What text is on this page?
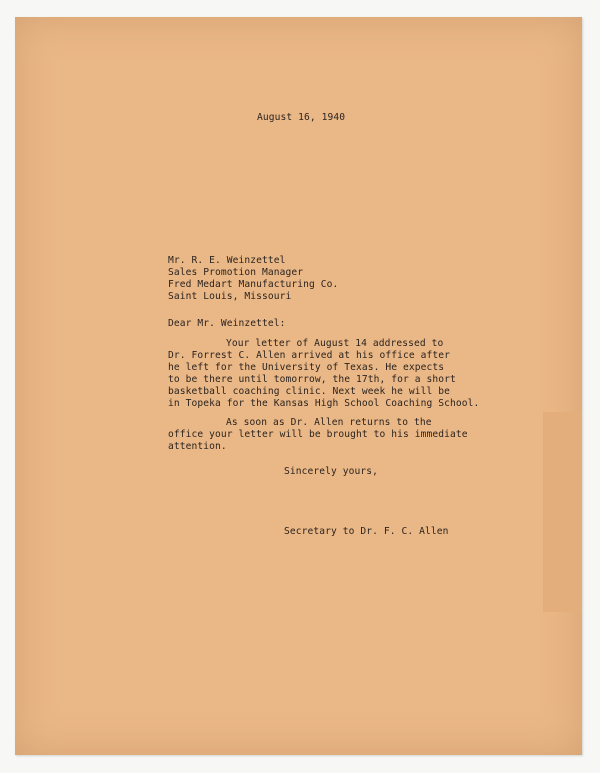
August 16, 1940
Mr. R. E. Weinzettel
Sales Promotion Manager
Fred Medart Manufacturing Co.
Saint Louis, Missouri
Dear Mr. Weinzettel:
Your letter of August 14 addressed to
Dr. Forrest C. Allen arrived at his office after
he left for the University of Texas. He expects
to be there until tomorrow, the 17th, for a short
basketball coaching clinic. Next week he will be
in Topeka for the Kansas High School Coaching School.
As soon as Dr. Allen returns to the
office your letter will be brought to his immediate
attention.
Sincerely yours,
Secretary to Dr. F. C. Allen
